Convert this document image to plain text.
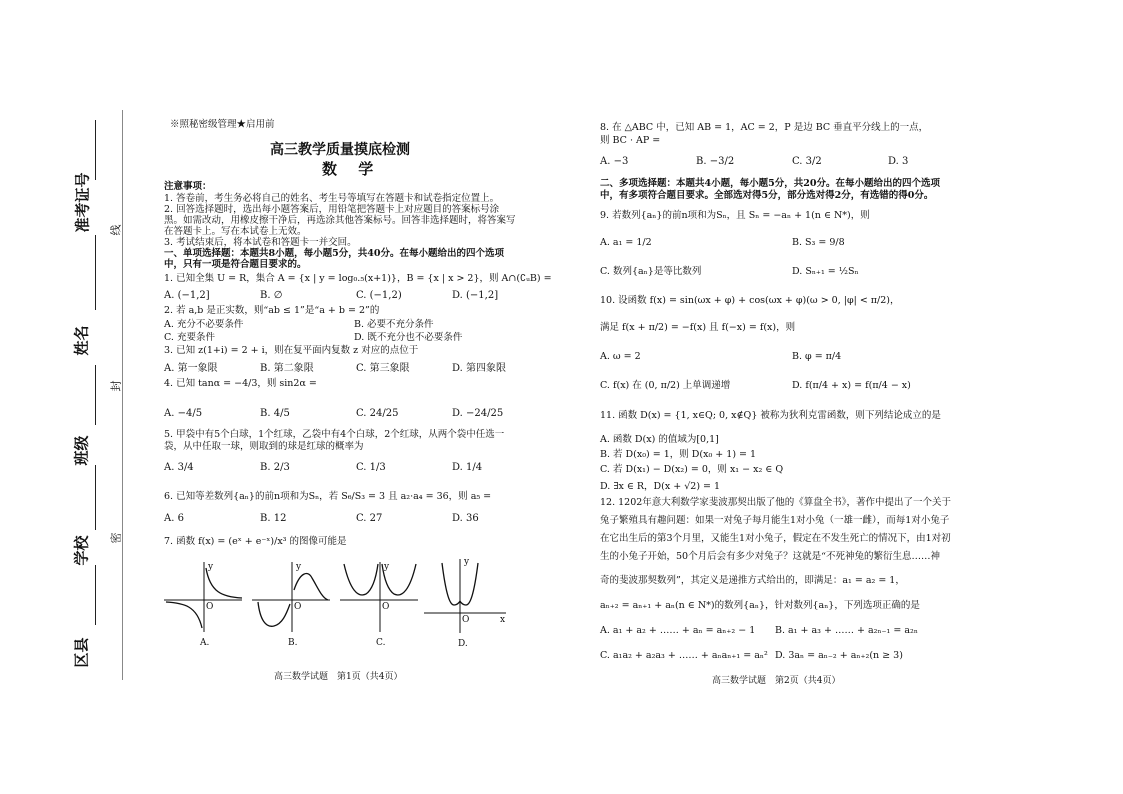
准考证号
姓名
班级
学校
区县
线
封
密
※照秘密级管理★启用前
高三教学质量摸底检测
数 学
注意事项：
1. 答卷前，考生务必将自己的姓名、考生号等填写在答题卡和试卷指定位置上。
2. 回答选择题时，选出每小题答案后，用铅笔把答题卡上对应题目的答案标号涂
黑。如需改动，用橡皮擦干净后，再选涂其他答案标号。回答非选择题时，将答案写
在答题卡上。写在本试卷上无效。
3. 考试结束后，将本试卷和答题卡一并交回。
一、单项选择题：本题共8小题，每小题5分，共40分。在每小题给出的四个选项
中，只有一项是符合题目要求的。
1. 已知全集 U = R，集合 A = {x | y = log₀.₅(x+1)}，B = {x | x > 2}，则 A∩(∁ᵤB) =
A. (−1,2]	B. ∅	C. (−1,2)	D. (−1,2]
2. 若 a,b 是正实数，则“ab ≤ 1”是“a + b = 2”的
A. 充分不必要条件	B. 必要不充分条件
C. 充要条件	D. 既不充分也不必要条件
3. 已知 z(1+i) = 2 + i，则在复平面内复数 z 对应的点位于
A. 第一象限	B. 第二象限	C. 第三象限	D. 第四象限
4. 已知 tanα = −4/3，则 sin2α =
A. −4/5	B. 4/5	C. 24/25	D. −24/25
5. 甲袋中有5个白球，1个红球，乙袋中有4个白球，2个红球，从两个袋中任选一
袋，从中任取一球，则取到的球是红球的概率为
A. 3/4	B. 2/3	C. 1/3	D. 1/4
6. 已知等差数列{aₙ}的前n项和为Sₙ，若 S₆/S₃ = 3 且 a₂·a₄ = 36，则 a₅ =
A. 6	B. 12	C. 27	D. 36
7. 函数 f(x) = (eˣ + e⁻ˣ)/x³ 的图像可能是
A.
y
O
B.
y
O
C.
y
O
D.
y
x
O
高三数学试题　第1页（共4页）
8. 在 △ABC 中，已知 AB = 1，AC = 2，P 是边 BC 垂直平分线上的一点，
则 BC · AP =
A. −3	B. −3/2	C. 3/2	D. 3
二、多项选择题：本题共4小题，每小题5分，共20分。在每小题给出的四个选项
中，有多项符合题目要求。全部选对得5分，部分选对得2分，有选错的得0分。
9. 若数列{aₙ}的前n项和为Sₙ，且 Sₙ = −aₙ + 1(n ∈ N*)，则
A. a₁ = 1/2	B. S₃ = 9/8
C. 数列{aₙ}是等比数列	D. Sₙ₊₁ = ½Sₙ
10. 设函数 f(x) = sin(ωx + φ) + cos(ωx + φ)(ω > 0, |φ| < π/2)，
满足 f(x + π/2) = −f(x) 且 f(−x) = f(x)，则
A. ω = 2	B. φ = π/4
C. f(x) 在 (0, π/2) 上单调递增	D. f(π/4 + x) = f(π/4 − x)
11. 函数 D(x) = {1, x∈Q; 0, x∉Q} 被称为狄利克雷函数，则下列结论成立的是
A. 函数 D(x) 的值域为[0,1]
B. 若 D(x₀) = 1，则 D(x₀ + 1) = 1
C. 若 D(x₁) − D(x₂) = 0，则 x₁ − x₂ ∈ Q
D. ∃x ∈ R，D(x + √2) = 1
12. 1202年意大利数学家斐波那契出版了他的《算盘全书》，著作中提出了一个关于
兔子繁殖具有趣问题：如果一对兔子每月能生1对小兔（一雄一雌），而每1对小兔子
在它出生后的第3个月里，又能生1对小兔子，假定在不发生死亡的情况下，由1对初
生的小兔子开始，50个月后会有多少对兔子？这就是“不死神兔的繁衍生息……神
奇的斐波那契数列”，其定义是递推方式给出的，即满足：a₁ = a₂ = 1，
aₙ₊₂ = aₙ₊₁ + aₙ(n ∈ N*)的数列{aₙ}，针对数列{aₙ}，下列选项正确的是
A. a₁ + a₂ + …… + aₙ = aₙ₊₂ − 1 B. a₁ + a₃ + …… + a₂ₙ₋₁ = a₂ₙ
C. a₁a₂ + a₂a₃ + …… + aₙaₙ₊₁ = aₙ² D. 3aₙ = aₙ₋₂ + aₙ₊₂(n ≥ 3)
高三数学试题　第2页（共4页）
